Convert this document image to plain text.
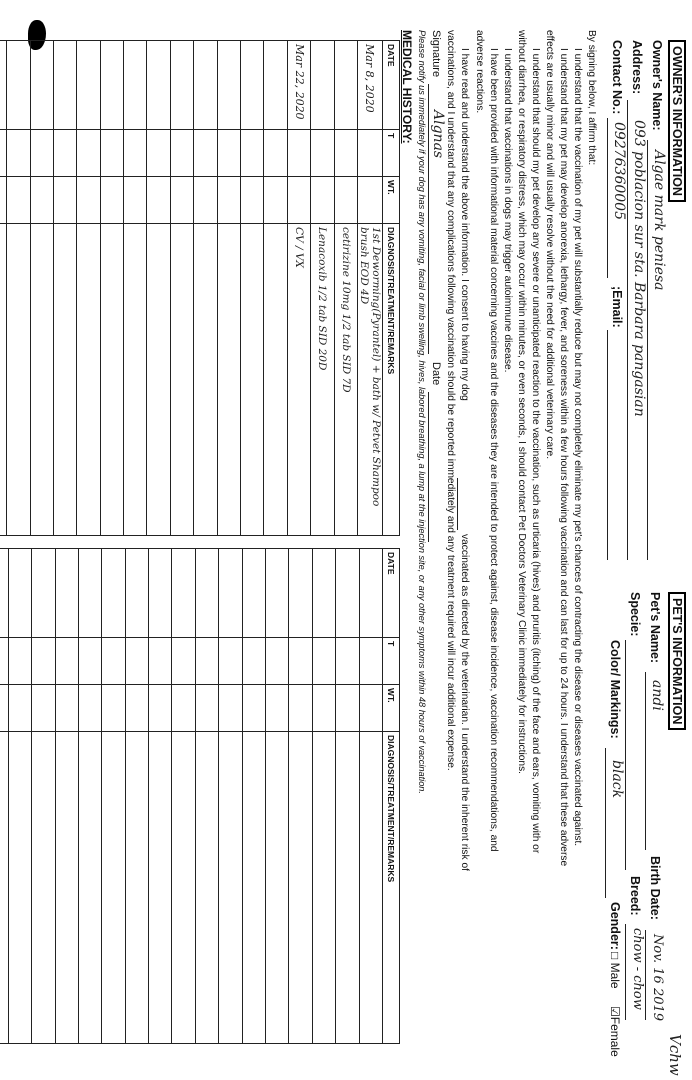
OWNER'S INFORMATION
Owner's Name:
Algae mark peniesa
Address:
093 poblacion sur sta. Barbara pangasian
Contact No.:
09276360005
;Email:
PET'S INFORMATION
Pet's Name:
andi
Birth Date:
Nov. 16 2019
Vchw
Specie:
Breed:
chow - chow
Color/ Markings:
black
Gender:
□ Male
☑Female
By signing below, I affirm that:
I understand that the vaccination of my pet will substantially reduce but may not completely eliminate my pet's chances of contracting the disease or diseases vaccinated against.
I understand that my pet may develop anorexia, lethargy, fever, and soreness within a few hours following vaccination and can last for up to 24 hours. I understand that these adverse
effects are usually minor and will usually resolve without the need for additional veterinary care.
I understand that should my pet develop any severe or unanticipated reaction to the vaccination, such as urticaria (hives) and pruritis (itching) of the face and ears, vomiting with or
without diarrhea, or respiratory distress, which may occur within minutes, or even seconds, I should contact Pet Doctors Veterinary Clinic immediately for instructions.
I understand that vaccinations in dogs may trigger autoimmune disease.
I have been provided with informational material concerning vaccines and the diseases they are intended to protect against, disease incidence, vaccination recommendations, and
adverse reactions.
I have read and understand the above information. I consent to having my dog
vaccinated as directed by the veterinarian. I understand the inherent risk of
vaccinations, and I understand that any complications following vaccination should be reported immediately and any treatment required will incur additional expense.
Signature
Algnas
Date
Please notify us immediately if your dog has any vomiting, facial or limb swelling, hives, labored breathing, a lump at the injection site, or any other symptoms within 48 hours of vaccination.
MEDICAL HISTORY:
DATE	T	WT.	DIAGNOSIS/TREATMENT/REMARKS
Mar 8, 2020			1st Deworming(Pyrantel) + bath w/ Petvet Shampoo brush EOD 4D
			cetirizine 10mg 1/2 tab SID 7D
			Lenacoxib 1/2 tab SID 20D
Mar 22, 2020			CV / VX

DATE	T	WT.	DIAGNOSIS/TREATMENT/REMARKS
